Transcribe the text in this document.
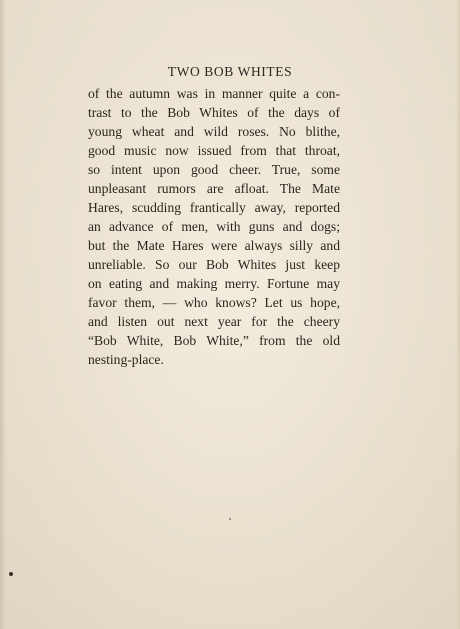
TWO BOB WHITES
of the autumn was in manner quite a con-
trast to the Bob Whites of the days of
young wheat and wild roses. No blithe,
good music now issued from that throat,
so intent upon good cheer. True, some
unpleasant rumors are afloat. The Mate
Hares, scudding frantically away, reported
an advance of men, with guns and dogs;
but the Mate Hares were always silly and
unreliable. So our Bob Whites just keep
on eating and making merry. Fortune may
favor them, — who knows? Let us hope,
and listen out next year for the cheery
“Bob White, Bob White,” from the old
nesting-place.
